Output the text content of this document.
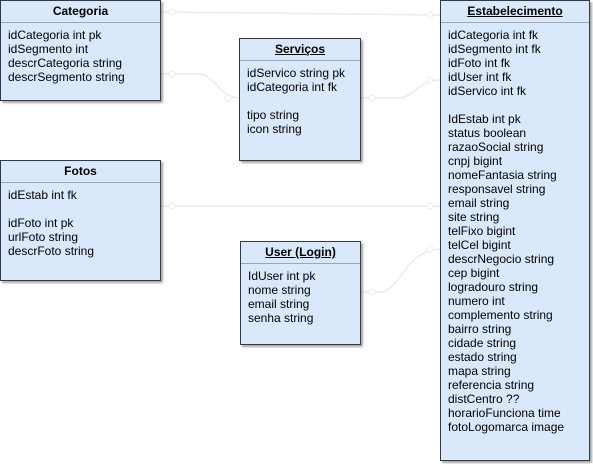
Categoria
idCategoria int pk
idSegmento int
descrCategoria string
descrSegmento string
Serviços
idServico string pk
idCategoria int fk
tipo string
icon string
Fotos
idEstab int fk
idFoto int pk
urlFoto string
descrFoto string	User (Login)
IdUser int pk
nome string
email string
senha string
Estabelecimento
idCategoria int fk
idSegmento int fk
idFoto int fk
idUser int fk
idServico int fk
IdEstab int pk
status boolean
razaoSocial string
cnpj bigint
nomeFantasia string
responsavel string
email string
site string
telFixo bigint
telCel bigint
descrNegocio string
cep bigint
logradouro string
numero int
complemento string
bairro string
cidade string
estado string
mapa string
referencia string
distCentro ??
horarioFunciona time
fotoLogomarca image
